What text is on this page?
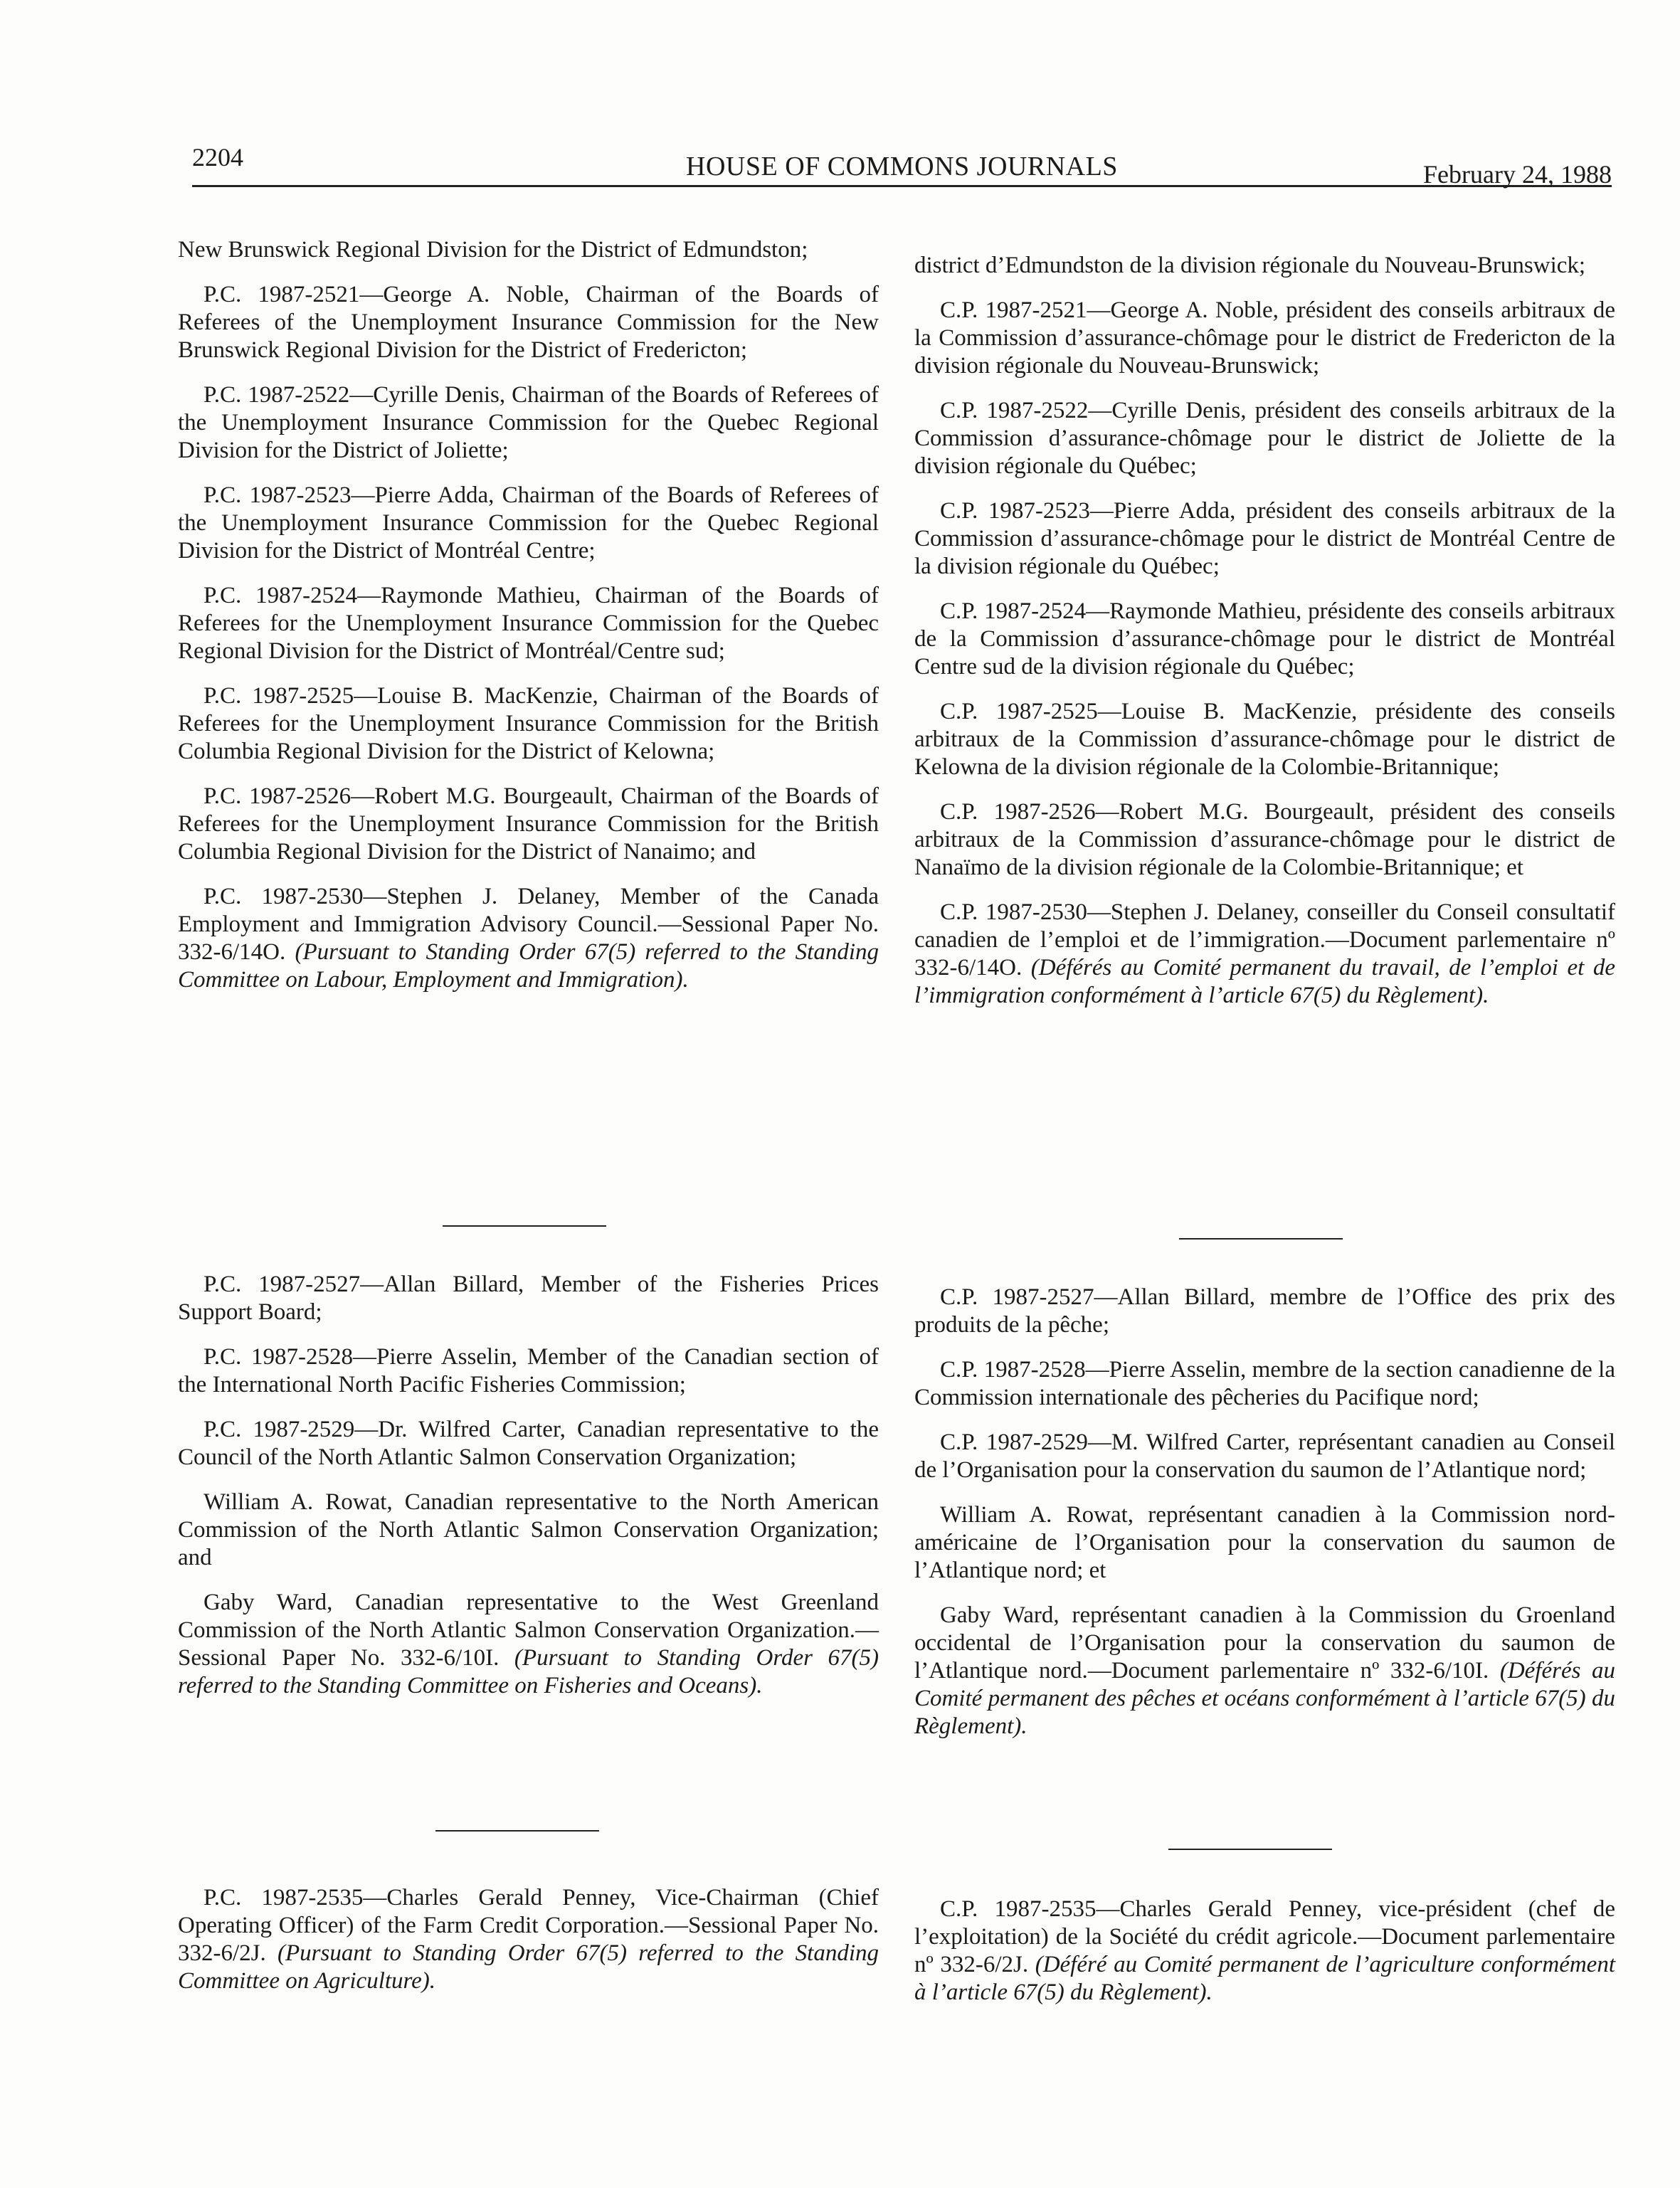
2204	HOUSE OF COMMONS JOURNALS	February 24, 1988

New Brunswick Regional Division for the District of Edmundston;

P.C. 1987-2521—George A. Noble, Chairman of the Boards of Referees of the Unemployment Insurance Commission for the New Brunswick Regional Division for the District of Fredericton;

P.C. 1987-2522—Cyrille Denis, Chairman of the Boards of Referees of the Unemployment Insurance Commission for the Quebec Regional Division for the District of Joliette;

P.C. 1987-2523—Pierre Adda, Chairman of the Boards of Referees of the Unemployment Insurance Commission for the Quebec Regional Division for the District of Montréal Centre;

P.C. 1987-2524—Raymonde Mathieu, Chairman of the Boards of Referees for the Unemployment Insurance Commission for the Quebec Regional Division for the District of Montréal/Centre sud;

P.C. 1987-2525—Louise B. MacKenzie, Chairman of the Boards of Referees for the Unemployment Insurance Commission for the British Columbia Regional Division for the District of Kelowna;

P.C. 1987-2526—Robert M.G. Bourgeault, Chairman of the Boards of Referees for the Unemployment Insurance Commission for the British Columbia Regional Division for the District of Nanaimo; and

P.C. 1987-2530—Stephen J. Delaney, Member of the Canada Employment and Immigration Advisory Council.—Sessional Paper No. 332-6/14O. (Pursuant to Standing Order 67(5) referred to the Standing Committee on Labour, Employment and Immigration).

district d’Edmundston de la division régionale du Nouveau-Brunswick;

C.P. 1987-2521—George A. Noble, président des conseils arbitraux de la Commission d’assurance-chômage pour le district de Fredericton de la division régionale du Nouveau-Brunswick;

C.P. 1987-2522—Cyrille Denis, président des conseils arbitraux de la Commission d’assurance-chômage pour le district de Joliette de la division régionale du Québec;

C.P. 1987-2523—Pierre Adda, président des conseils arbitraux de la Commission d’assurance-chômage pour le district de Montréal Centre de la division régionale du Québec;

C.P. 1987-2524—Raymonde Mathieu, présidente des conseils arbitraux de la Commission d’assurance-chômage pour le district de Montréal Centre sud de la division régionale du Québec;

C.P. 1987-2525—Louise B. MacKenzie, présidente des conseils arbitraux de la Commission d’assurance-chômage pour le district de Kelowna de la division régionale de la Colombie-Britannique;

C.P. 1987-2526—Robert M.G. Bourgeault, président des conseils arbitraux de la Commission d’assurance-chômage pour le district de Nanaïmo de la division régionale de la Colombie-Britannique; et

C.P. 1987-2530—Stephen J. Delaney, conseiller du Conseil consultatif canadien de l’emploi et de l’immigration.—Document parlementaire nº 332-6/14O. (Déférés au Comité permanent du travail, de l’emploi et de l’immigration conformément à l’article 67(5) du Règlement).

P.C. 1987-2527—Allan Billard, Member of the Fisheries Prices Support Board;

P.C. 1987-2528—Pierre Asselin, Member of the Canadian section of the International North Pacific Fisheries Commission;

P.C. 1987-2529—Dr. Wilfred Carter, Canadian representative to the Council of the North Atlantic Salmon Conservation Organization;

William A. Rowat, Canadian representative to the North American Commission of the North Atlantic Salmon Conservation Organization; and

Gaby Ward, Canadian representative to the West Greenland Commission of the North Atlantic Salmon Conservation Organization.—Sessional Paper No. 332-6/10I. (Pursuant to Standing Order 67(5) referred to the Standing Committee on Fisheries and Oceans).

C.P. 1987-2527—Allan Billard, membre de l’Office des prix des produits de la pêche;

C.P. 1987-2528—Pierre Asselin, membre de la section canadienne de la Commission internationale des pêcheries du Pacifique nord;

C.P. 1987-2529—M. Wilfred Carter, représentant canadien au Conseil de l’Organisation pour la conservation du saumon de l’Atlantique nord;

William A. Rowat, représentant canadien à la Commission nord-américaine de l’Organisation pour la conservation du saumon de l’Atlantique nord; et

Gaby Ward, représentant canadien à la Commission du Groenland occidental de l’Organisation pour la conservation du saumon de l’Atlantique nord.—Document parlementaire nº 332-6/10I. (Déférés au Comité permanent des pêches et océans conformément à l’article 67(5) du Règlement).

P.C. 1987-2535—Charles Gerald Penney, Vice-Chairman (Chief Operating Officer) of the Farm Credit Corporation.—Sessional Paper No. 332-6/2J. (Pursuant to Standing Order 67(5) referred to the Standing Committee on Agriculture).

C.P. 1987-2535—Charles Gerald Penney, vice-président (chef de l’exploitation) de la Société du crédit agricole.—Document parlementaire nº 332-6/2J. (Déféré au Comité permanent de l’agriculture conformément à l’article 67(5) du Règlement).
